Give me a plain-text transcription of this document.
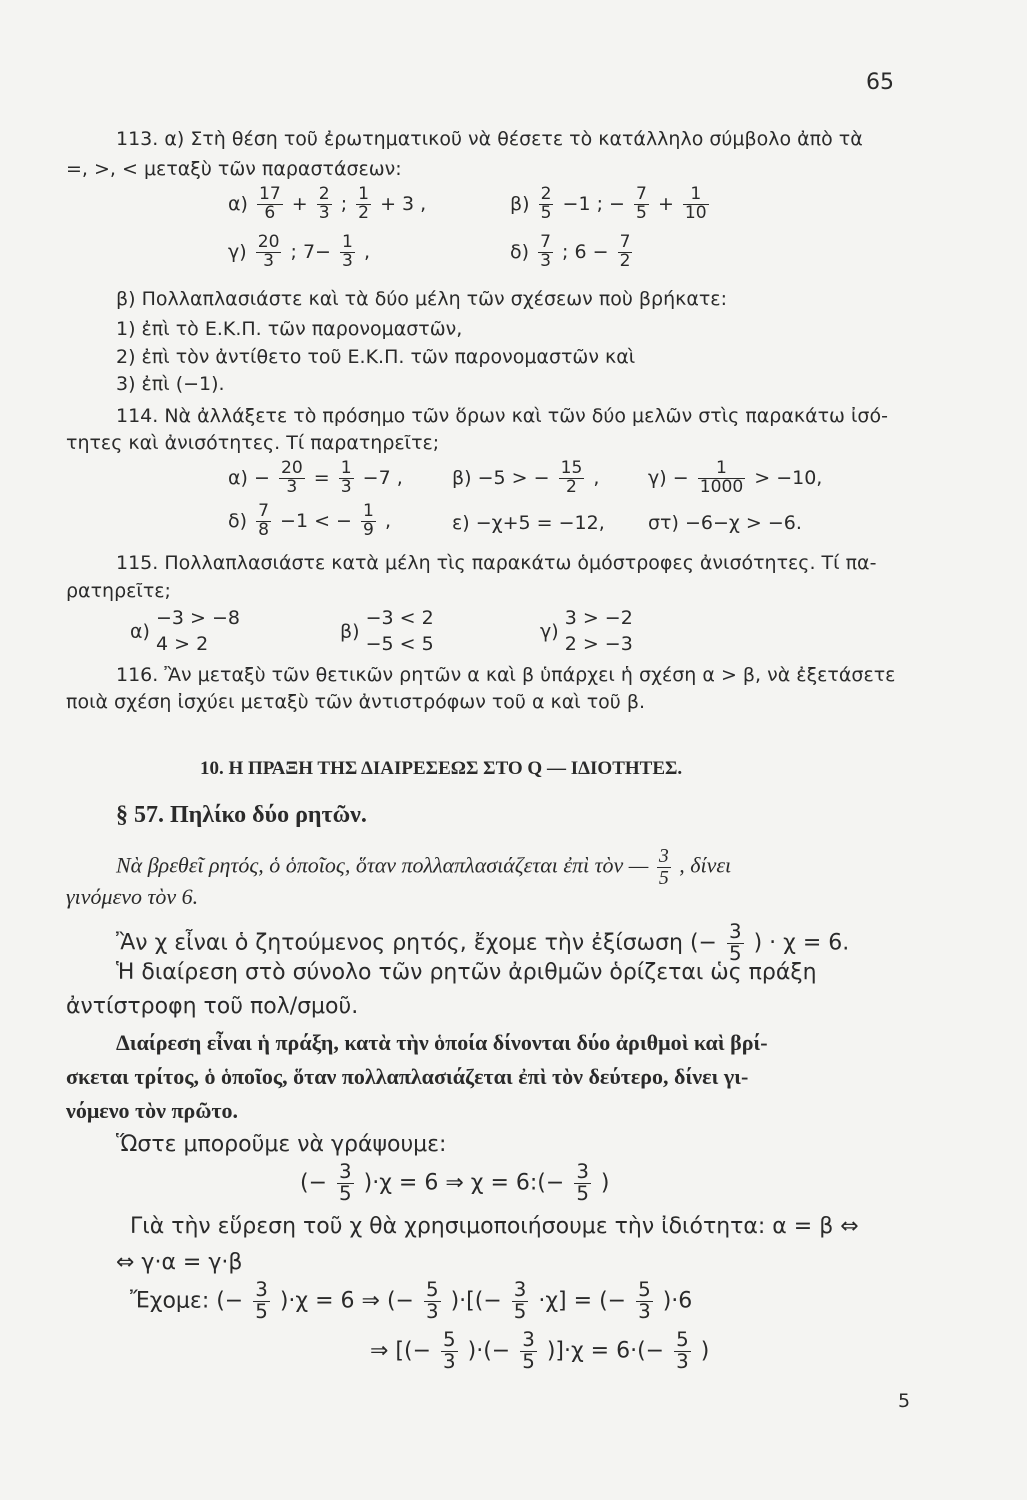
65
113. α) Στὴ θέση τοῦ ἐρωτηματικοῦ νὰ θέσετε τὸ κατάλληλο σύμβολο ἀπὸ τὰ
=, >, < μεταξὺ τῶν παραστάσεων:
$\alpha) \frac{17}{6} + \frac{2}{3}$ ; $\frac{1}{2} + 3$ ,	$\beta) \frac{2}{5} -1$ ; − $\frac{7}{5} + \frac{1}{10}$
$\gamma) \frac{20}{3}$ ; $7- \frac{1}{3}$ ,	$\delta) \frac{7}{3}$ ; $6 - \frac{7}{2}$
β) Πολλαπλασιάστε καὶ τὰ δύο μέλη τῶν σχέσεων ποὺ βρήκατε:
1) ἐπὶ τὸ Ε.Κ.Π. τῶν παρονομαστῶν,
2) ἐπὶ τὸν ἀντίθετο τοῦ Ε.Κ.Π. τῶν παρονομαστῶν καὶ
3) ἐπὶ (−1).
114. Νὰ ἀλλάξετε τὸ πρόσημο τῶν ὅρων καὶ τῶν δύο μελῶν στὶς παρακάτω ἰσό-
τητες καὶ ἀνισότητες. Τί παρατηρεῖτε;
$\alpha) - \frac{20}{3} = \frac{1}{3} -7$ ,	β) −5 > − $\frac{15}{2}$ ,	$\gamma) - \frac{1}{1000} > -10$,
$\delta) \frac{7}{8} -1$ < − $\frac{1}{9}$ ,	ε) −χ+5 = −12, στ) −6−χ > −6.
115. Πολλαπλασιάστε κατὰ μέλη τὶς παρακάτω ὁμόστροφες ἀνισότητες. Τί πα-
ρατηρεῖτε;
α)
−3 > −8
4 > 2
β)
−3 < 2
−5 < 5
γ)
3 > −2
2 > −3
116. Ἂν μεταξὺ τῶν θετικῶν ρητῶν α καὶ β ὑπάρχει ἡ σχέση α > β, νὰ ἐξετάσετε
ποιὰ σχέση ἰσχύει μεταξὺ τῶν ἀντιστρόφων τοῦ α καὶ τοῦ β.
10. Η ΠΡΑΞΗ ΤΗΣ ΔΙΑΙΡΕΣΕΩΣ ΣΤΟ Q — ΙΔΙΟΤΗΤΕΣ.
§ 57. Πηλίκο δύο ρητῶν.
Νὰ βρεθεῖ ρητός, ὁ ὁποῖος, ὅταν πολλαπλασιάζεται ἐπὶ τὸν — $\frac{3}{5}$ , δίνει
γινόμενο τὸν 6.
Ἂν χ εἶναι ὁ ζητούμενος ρητός, ἔχομε τὴν ἐξίσωση (− $\frac{3}{5}$ ) · χ = 6.
Ἡ διαίρεση στὸ σύνολο τῶν ρητῶν ἀριθμῶν ὁρίζεται ὡς πράξη
ἀντίστροφη τοῦ πολ/σμοῦ.
Διαίρεση εἶναι ἡ πράξη, κατὰ τὴν ὁποία δίνονται δύο ἀριθμοὶ καὶ βρί-
σκεται τρίτος, ὁ ὁποῖος, ὅταν πολλαπλασιάζεται ἐπὶ τὸν δεύτερο, δίνει γι-
νόμενο τὸν πρῶτο.
Ὥστε μποροῦμε νὰ γράψουμε:
(− $\frac{3}{5} )\cdot\chi = 6$ ⇒ χ = 6:(− $\frac{3}{5}$ )
Γιὰ τὴν εὕρεση τοῦ χ θὰ χρησιμοποιήσουμε τὴν ἰδιότητα: α = β ⇔
⇔ γ·α = γ·β
Ἔχομε: (− $\frac{3}{5} )\cdot\chi = 6$ ⇒ (− $\frac{5}{3}$ )·[(− $\frac{3}{5} \cdot\chi$] = (− $\frac{5}{3} )\cdot 6$
⇒ [(− $\frac{5}{3}$ )·(− $\frac{3}{5} )]\cdot\chi = 6\cdot(- \frac{5}{3}$ )
5
